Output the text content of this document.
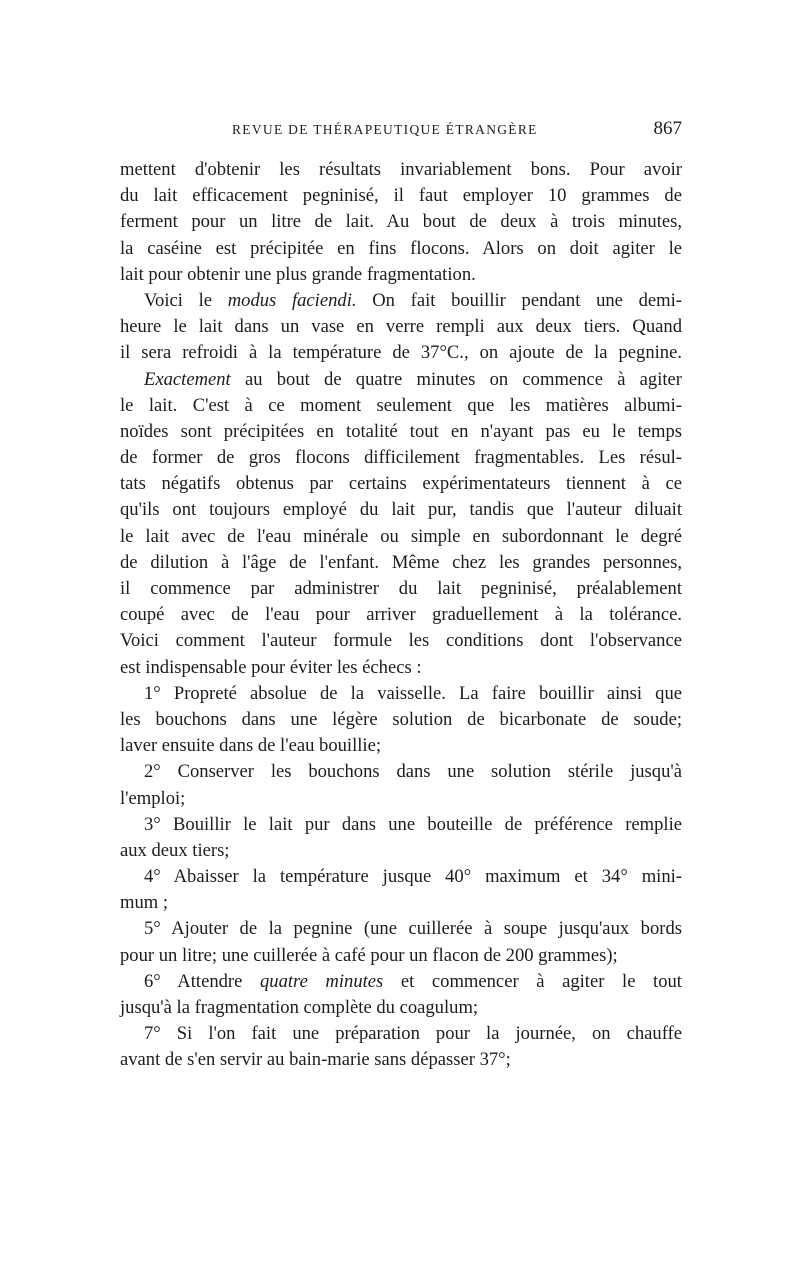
REVUE DE THÉRAPEUTIQUE ÉTRANGÈRE	867
mettent d'obtenir les résultats invariablement bons. Pour avoir
du lait efficacement pegninisé, il faut employer 10 grammes de
ferment pour un litre de lait. Au bout de deux à trois minutes,
la caséine est précipitée en fins flocons. Alors on doit agiter le
lait pour obtenir une plus grande fragmentation.
Voici le modus faciendi. On fait bouillir pendant une demi-
heure le lait dans un vase en verre rempli aux deux tiers. Quand
il sera refroidi à la température de 37°C., on ajoute de la pegnine.
Exactement au bout de quatre minutes on commence à agiter
le lait. C'est à ce moment seulement que les matières albumi-
noïdes sont précipitées en totalité tout en n'ayant pas eu le temps
de former de gros flocons difficilement fragmentables. Les résul-
tats négatifs obtenus par certains expérimentateurs tiennent à ce
qu'ils ont toujours employé du lait pur, tandis que l'auteur diluait
le lait avec de l'eau minérale ou simple en subordonnant le degré
de dilution à l'âge de l'enfant. Même chez les grandes personnes,
il commence par administrer du lait pegninisé, préalablement
coupé avec de l'eau pour arriver graduellement à la tolérance.
Voici comment l'auteur formule les conditions dont l'observance
est indispensable pour éviter les échecs :
1° Propreté absolue de la vaisselle. La faire bouillir ainsi que
les bouchons dans une légère solution de bicarbonate de soude;
laver ensuite dans de l'eau bouillie;
2° Conserver les bouchons dans une solution stérile jusqu'à
l'emploi;
3° Bouillir le lait pur dans une bouteille de préférence remplie
aux deux tiers;
4° Abaisser la température jusque 40° maximum et 34° mini-
mum ;
5° Ajouter de la pegnine (une cuillerée à soupe jusqu'aux bords
pour un litre; une cuillerée à café pour un flacon de 200 grammes);
6° Attendre quatre minutes et commencer à agiter le tout
jusqu'à la fragmentation complète du coagulum;
7° Si l'on fait une préparation pour la journée, on chauffe
avant de s'en servir au bain-marie sans dépasser 37°;
